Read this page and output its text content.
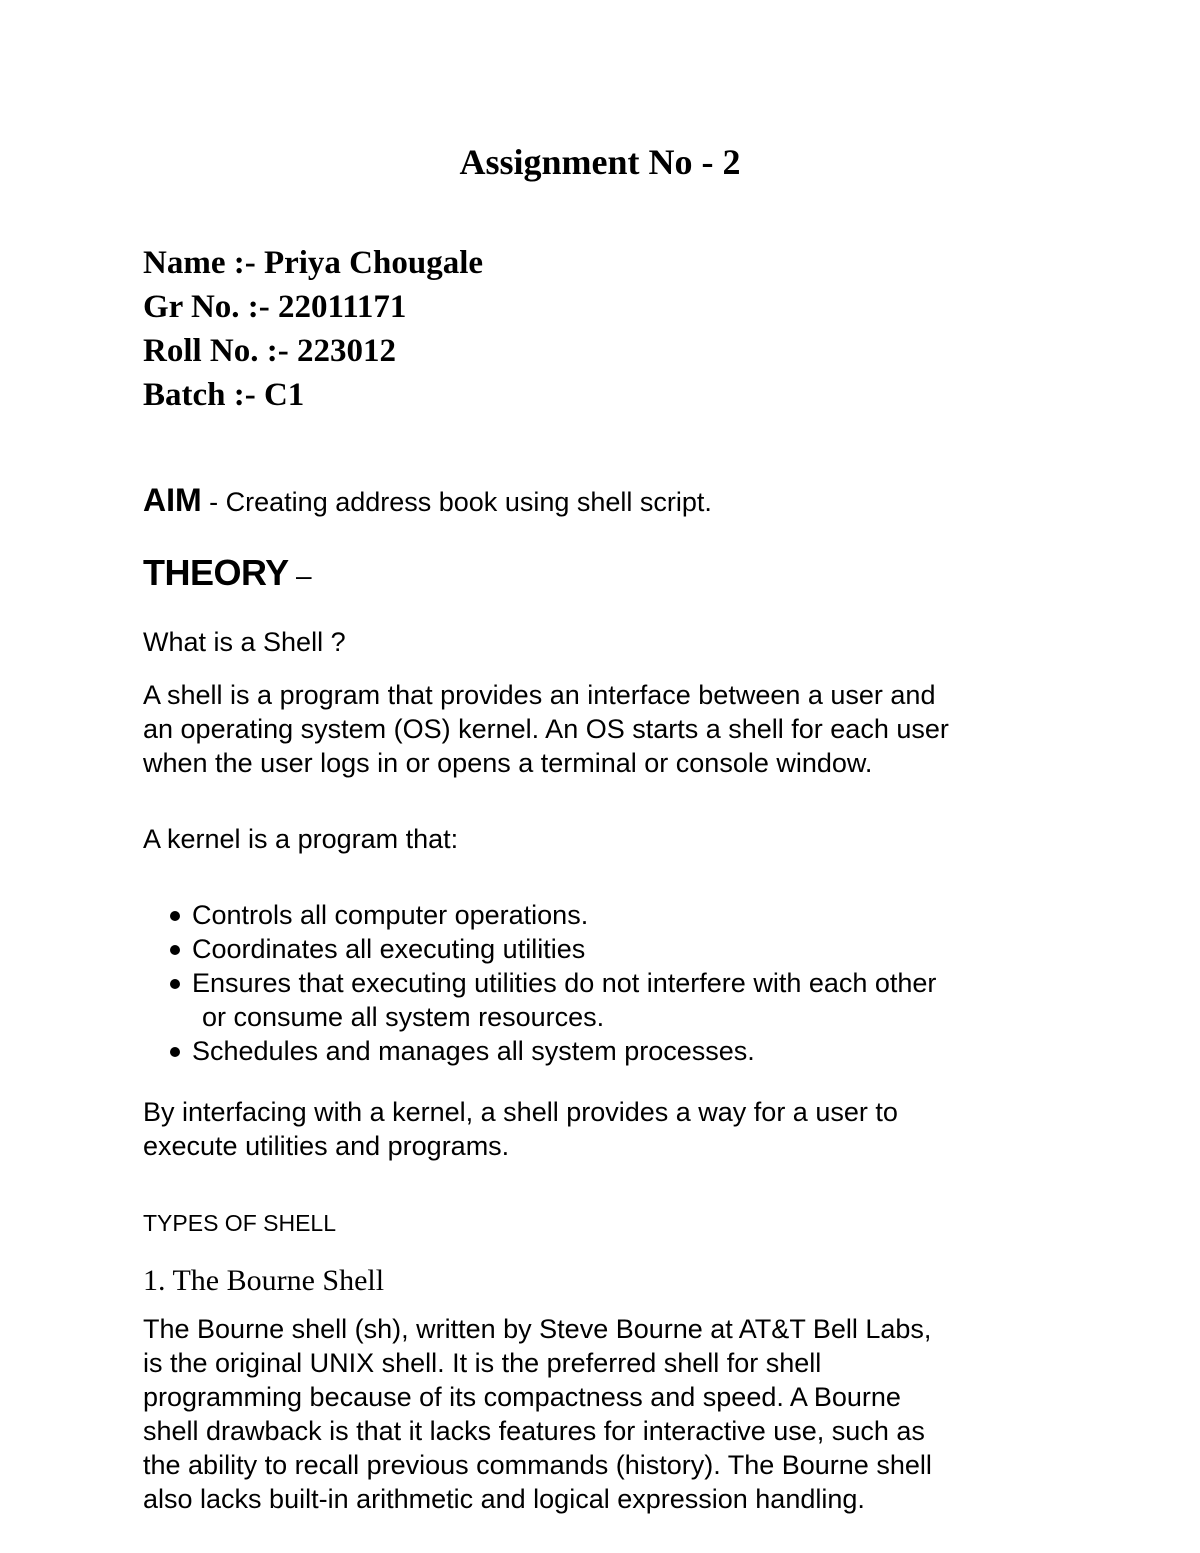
Assignment No - 2
Name :- Priya Chougale
Gr No. :- 22011171
Roll No. :- 223012
Batch :- C1
AIM - Creating address book using shell script.
THEORY –
What is a Shell ?
A shell is a program that provides an interface between a user and
an operating system (OS) kernel. An OS starts a shell for each user
when the user logs in or opens a terminal or console window.
A kernel is a program that:
Controls all computer operations.
Coordinates all executing utilities
Ensures that executing utilities do not interfere with each other
or consume all system resources.
Schedules and manages all system processes.
By interfacing with a kernel, a shell provides a way for a user to
execute utilities and programs.
TYPES OF SHELL
1. The Bourne Shell
The Bourne shell (sh), written by Steve Bourne at AT&T Bell Labs,
is the original UNIX shell. It is the preferred shell for shell
programming because of its compactness and speed. A Bourne
shell drawback is that it lacks features for interactive use, such as
the ability to recall previous commands (history). The Bourne shell
also lacks built-in arithmetic and logical expression handling.
